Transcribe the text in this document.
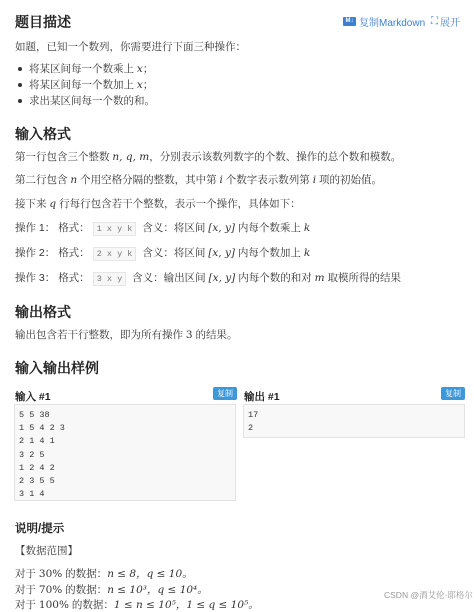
题目描述	M↓ 复制Markdown ⛶ 展开
如题，已知一个数列，你需要进行下面三种操作：
将某区间每一个数乘上 x；
将某区间每一个数加上 x；
求出某区间每一个数的和。
输入格式
第一行包含三个整数 n, q, m，分别表示该数列数字的个数、操作的总个数和模数。
第二行包含 n 个用空格分隔的整数，其中第 i 个数字表示数列第 i 项的初始值。
接下来 q 行每行包含若干个整数，表示一个操作，具体如下：
操作 1： 格式： 1 x y k 含义：将区间 [x, y] 内每个数乘上 k
操作 2： 格式： 2 x y k 含义：将区间 [x, y] 内每个数加上 k
操作 3： 格式： 3 x y 含义：输出区间 [x, y] 内每个数的和对 m 取模所得的结果
输出格式
输出包含若干行整数，即为所有操作 3 的结果。
输入输出样例
输入 #1	复制
5 5 38
1 5 4 2 3
2 1 4 1
3 2 5
1 2 4 2
2 3 5 5
3 1 4
输出 #1	复制
17
2
说明/提示
【数据范围】
对于 30% 的数据：n ≤ 8，q ≤ 10。
对于 70% 的数据：n ≤ 10³，q ≤ 10⁴。
对于 100% 的数据：1 ≤ n ≤ 10⁵，1 ≤ q ≤ 10⁵。
CSDN @酒艾伦·耶格尔
